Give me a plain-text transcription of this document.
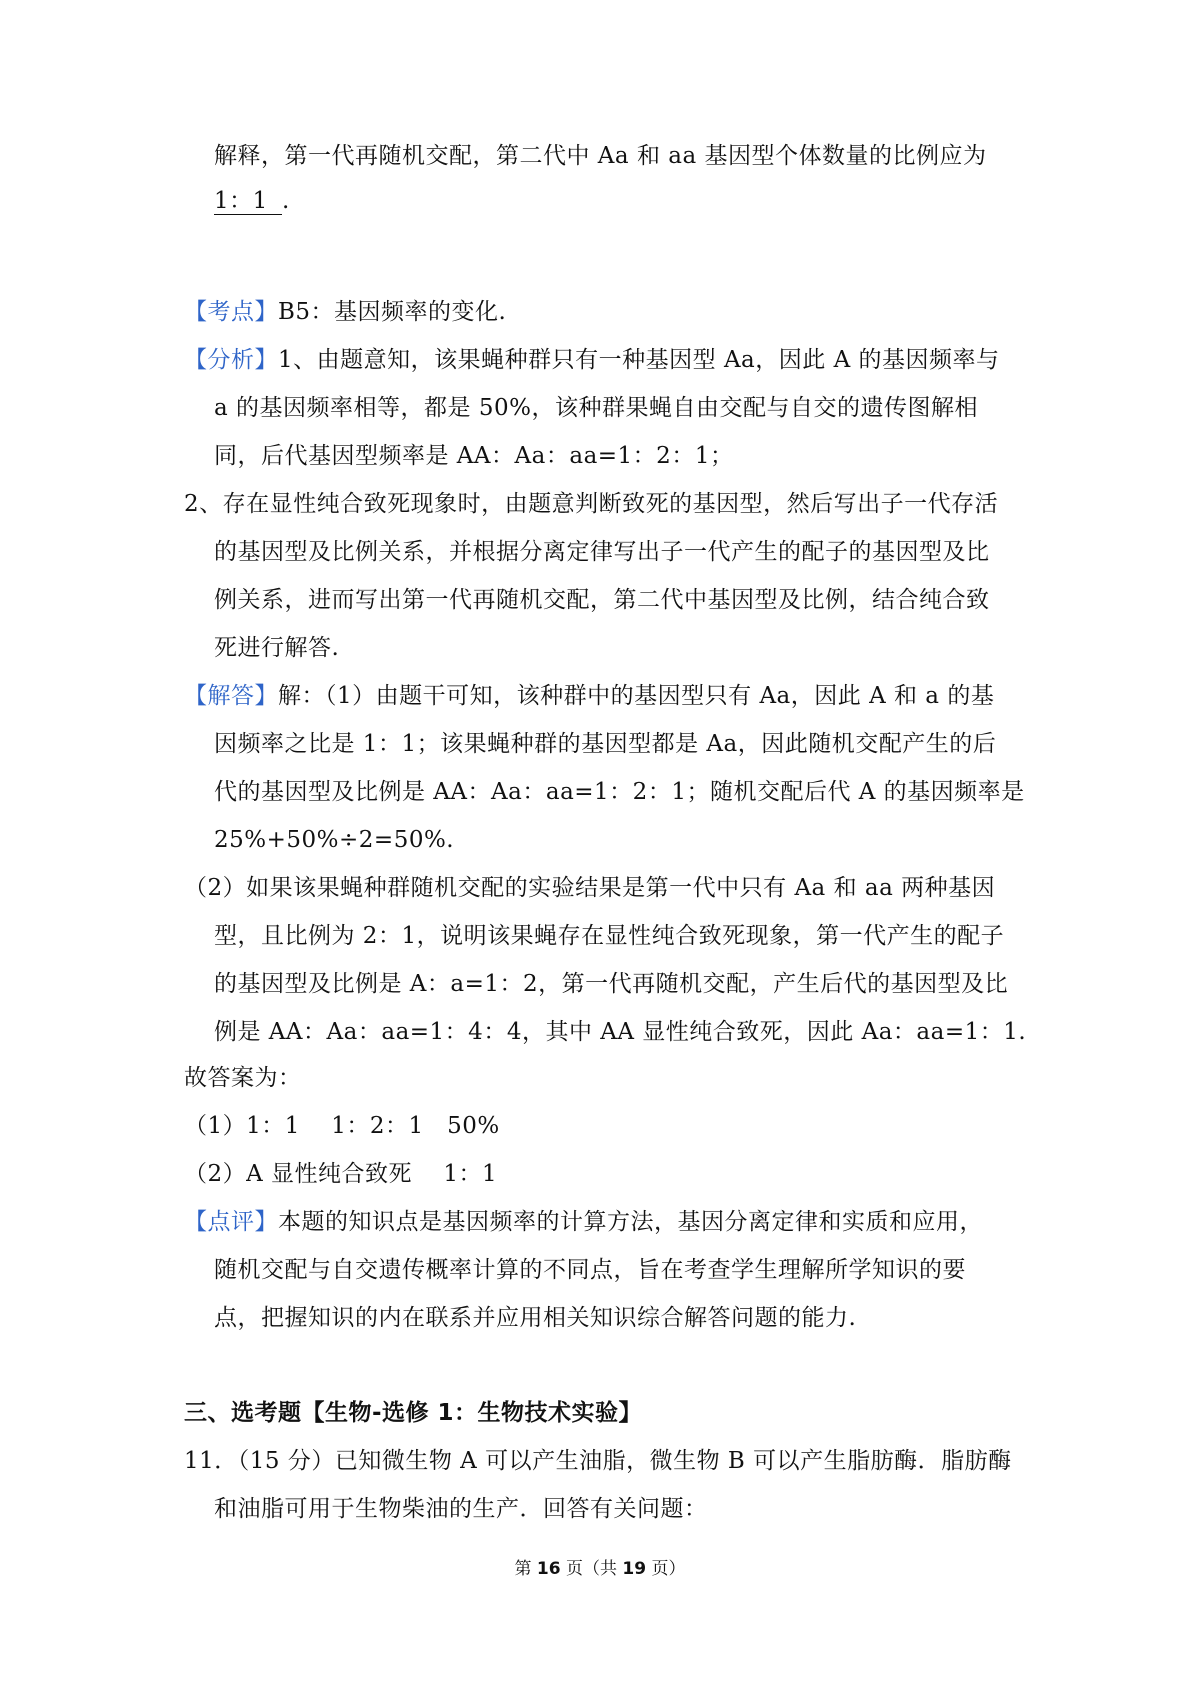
解释，第一代再随机交配，第二代中 Aa 和 aa 基因型个体数量的比例应为
1：1 .
【考点】B5：基因频率的变化.
【分析】1、由题意知，该果蝇种群只有一种基因型 Aa，因此 A 的基因频率与
a 的基因频率相等，都是 50%，该种群果蝇自由交配与自交的遗传图解相
同，后代基因型频率是 AA：Aa：aa=1：2：1；
2、存在显性纯合致死现象时，由题意判断致死的基因型，然后写出子一代存活
的基因型及比例关系，并根据分离定律写出子一代产生的配子的基因型及比
例关系，进而写出第一代再随机交配，第二代中基因型及比例，结合纯合致
死进行解答.
【解答】解：（1）由题干可知，该种群中的基因型只有 Aa，因此 A 和 a 的基
因频率之比是 1：1；该果蝇种群的基因型都是 Aa，因此随机交配产生的后
代的基因型及比例是 AA：Aa：aa=1：2：1；随机交配后代 A 的基因频率是
25%+50%÷2=50%.
（2）如果该果蝇种群随机交配的实验结果是第一代中只有 Aa 和 aa 两种基因
型，且比例为 2：1，说明该果蝇存在显性纯合致死现象，第一代产生的配子
的基因型及比例是 A：a=1：2，第一代再随机交配，产生后代的基因型及比
例是 AA：Aa：aa=1：4：4，其中 AA 显性纯合致死，因此 Aa：aa=1：1.
故答案为：
（1）1：1　 1：2：1　50%
（2）A 显性纯合致死　 1：1
【点评】本题的知识点是基因频率的计算方法，基因分离定律和实质和应用，
随机交配与自交遗传概率计算的不同点，旨在考查学生理解所学知识的要
点，把握知识的内在联系并应用相关知识综合解答问题的能力.
三、选考题【生物-选修 1：生物技术实验】
11．（15 分）已知微生物 A 可以产生油脂，微生物 B 可以产生脂肪酶．脂肪酶
和油脂可用于生物柴油的生产．回答有关问题：
第 16 页（共 19 页）
